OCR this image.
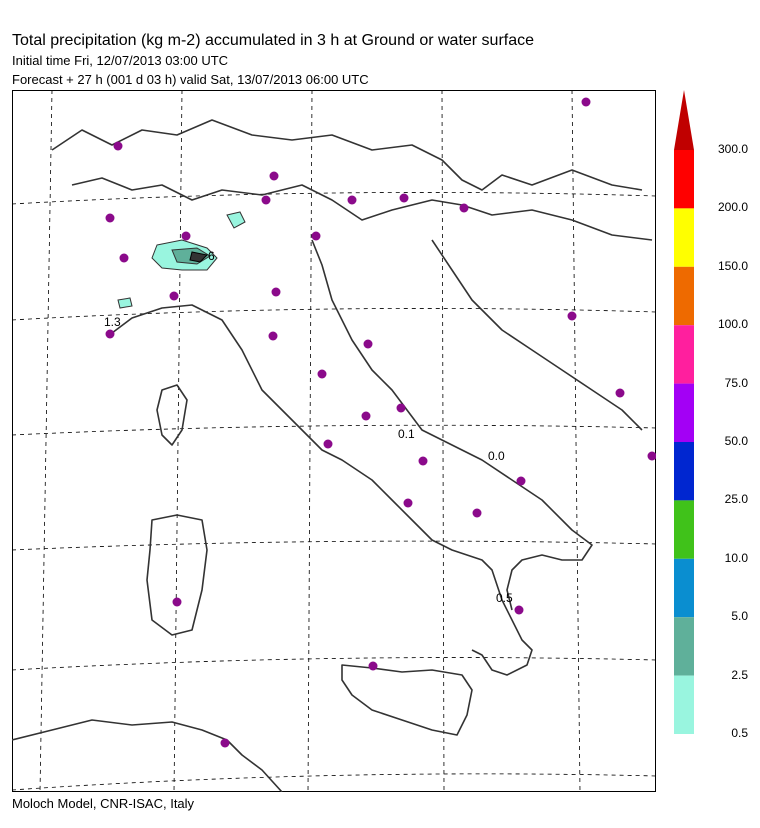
Total precipitation (kg m-2) accumulated in 3 h at Ground or water surface
Initial time Fri, 12/07/2013 03:00 UTC
Forecast + 27 h (001 d 03 h) valid Sat, 13/07/2013 06:00 UTC
0.1
0.0
0.5
1.3
6
300.0
200.0
150.0
100.0
75.0
50.0
25.0
10.0
5.0
2.5
0.5
Moloch Model, CNR-ISAC, Italy
